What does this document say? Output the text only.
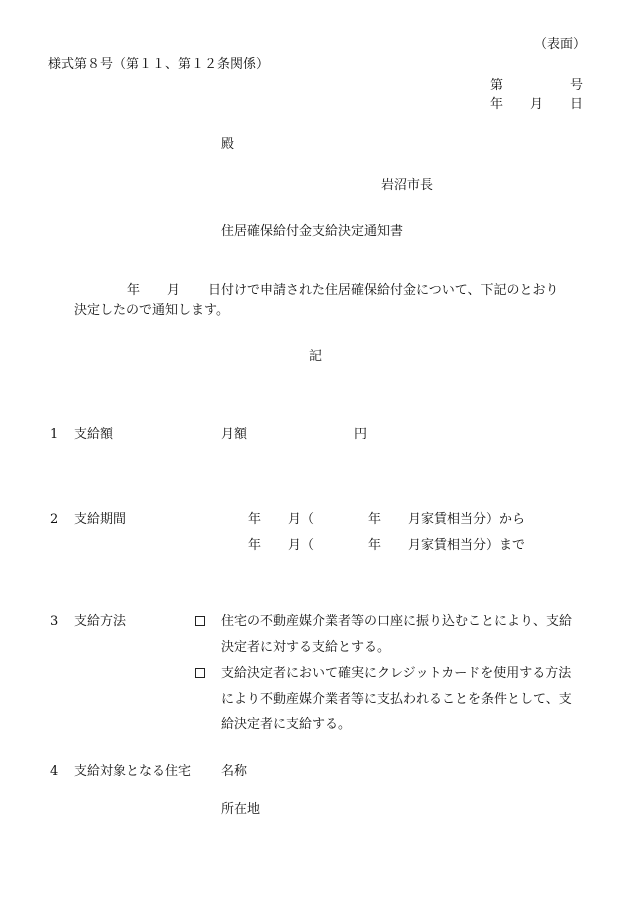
（表面）
様式第８号（第１１、第１２条関係）
第	号
年 月 日
殿
岩沼市長
住居確保給付金支給決定通知書
年 月 日付けで申請された住居確保給付金について、下記のとおり
決定したので通知します。
記
1 支給額	月額	円
2 支給期間	年 月（	年 月家賃相当分）から
年 月（	年 月家賃相当分）まで
3 支給方法	住宅の不動産媒介業者等の口座に振り込むことにより、支給
決定者に対する支給とする。
支給決定者において確実にクレジットカードを使用する方法
により不動産媒介業者等に支払われることを条件として、支
給決定者に支給する。
4 支給対象となる住宅 名称
所在地
